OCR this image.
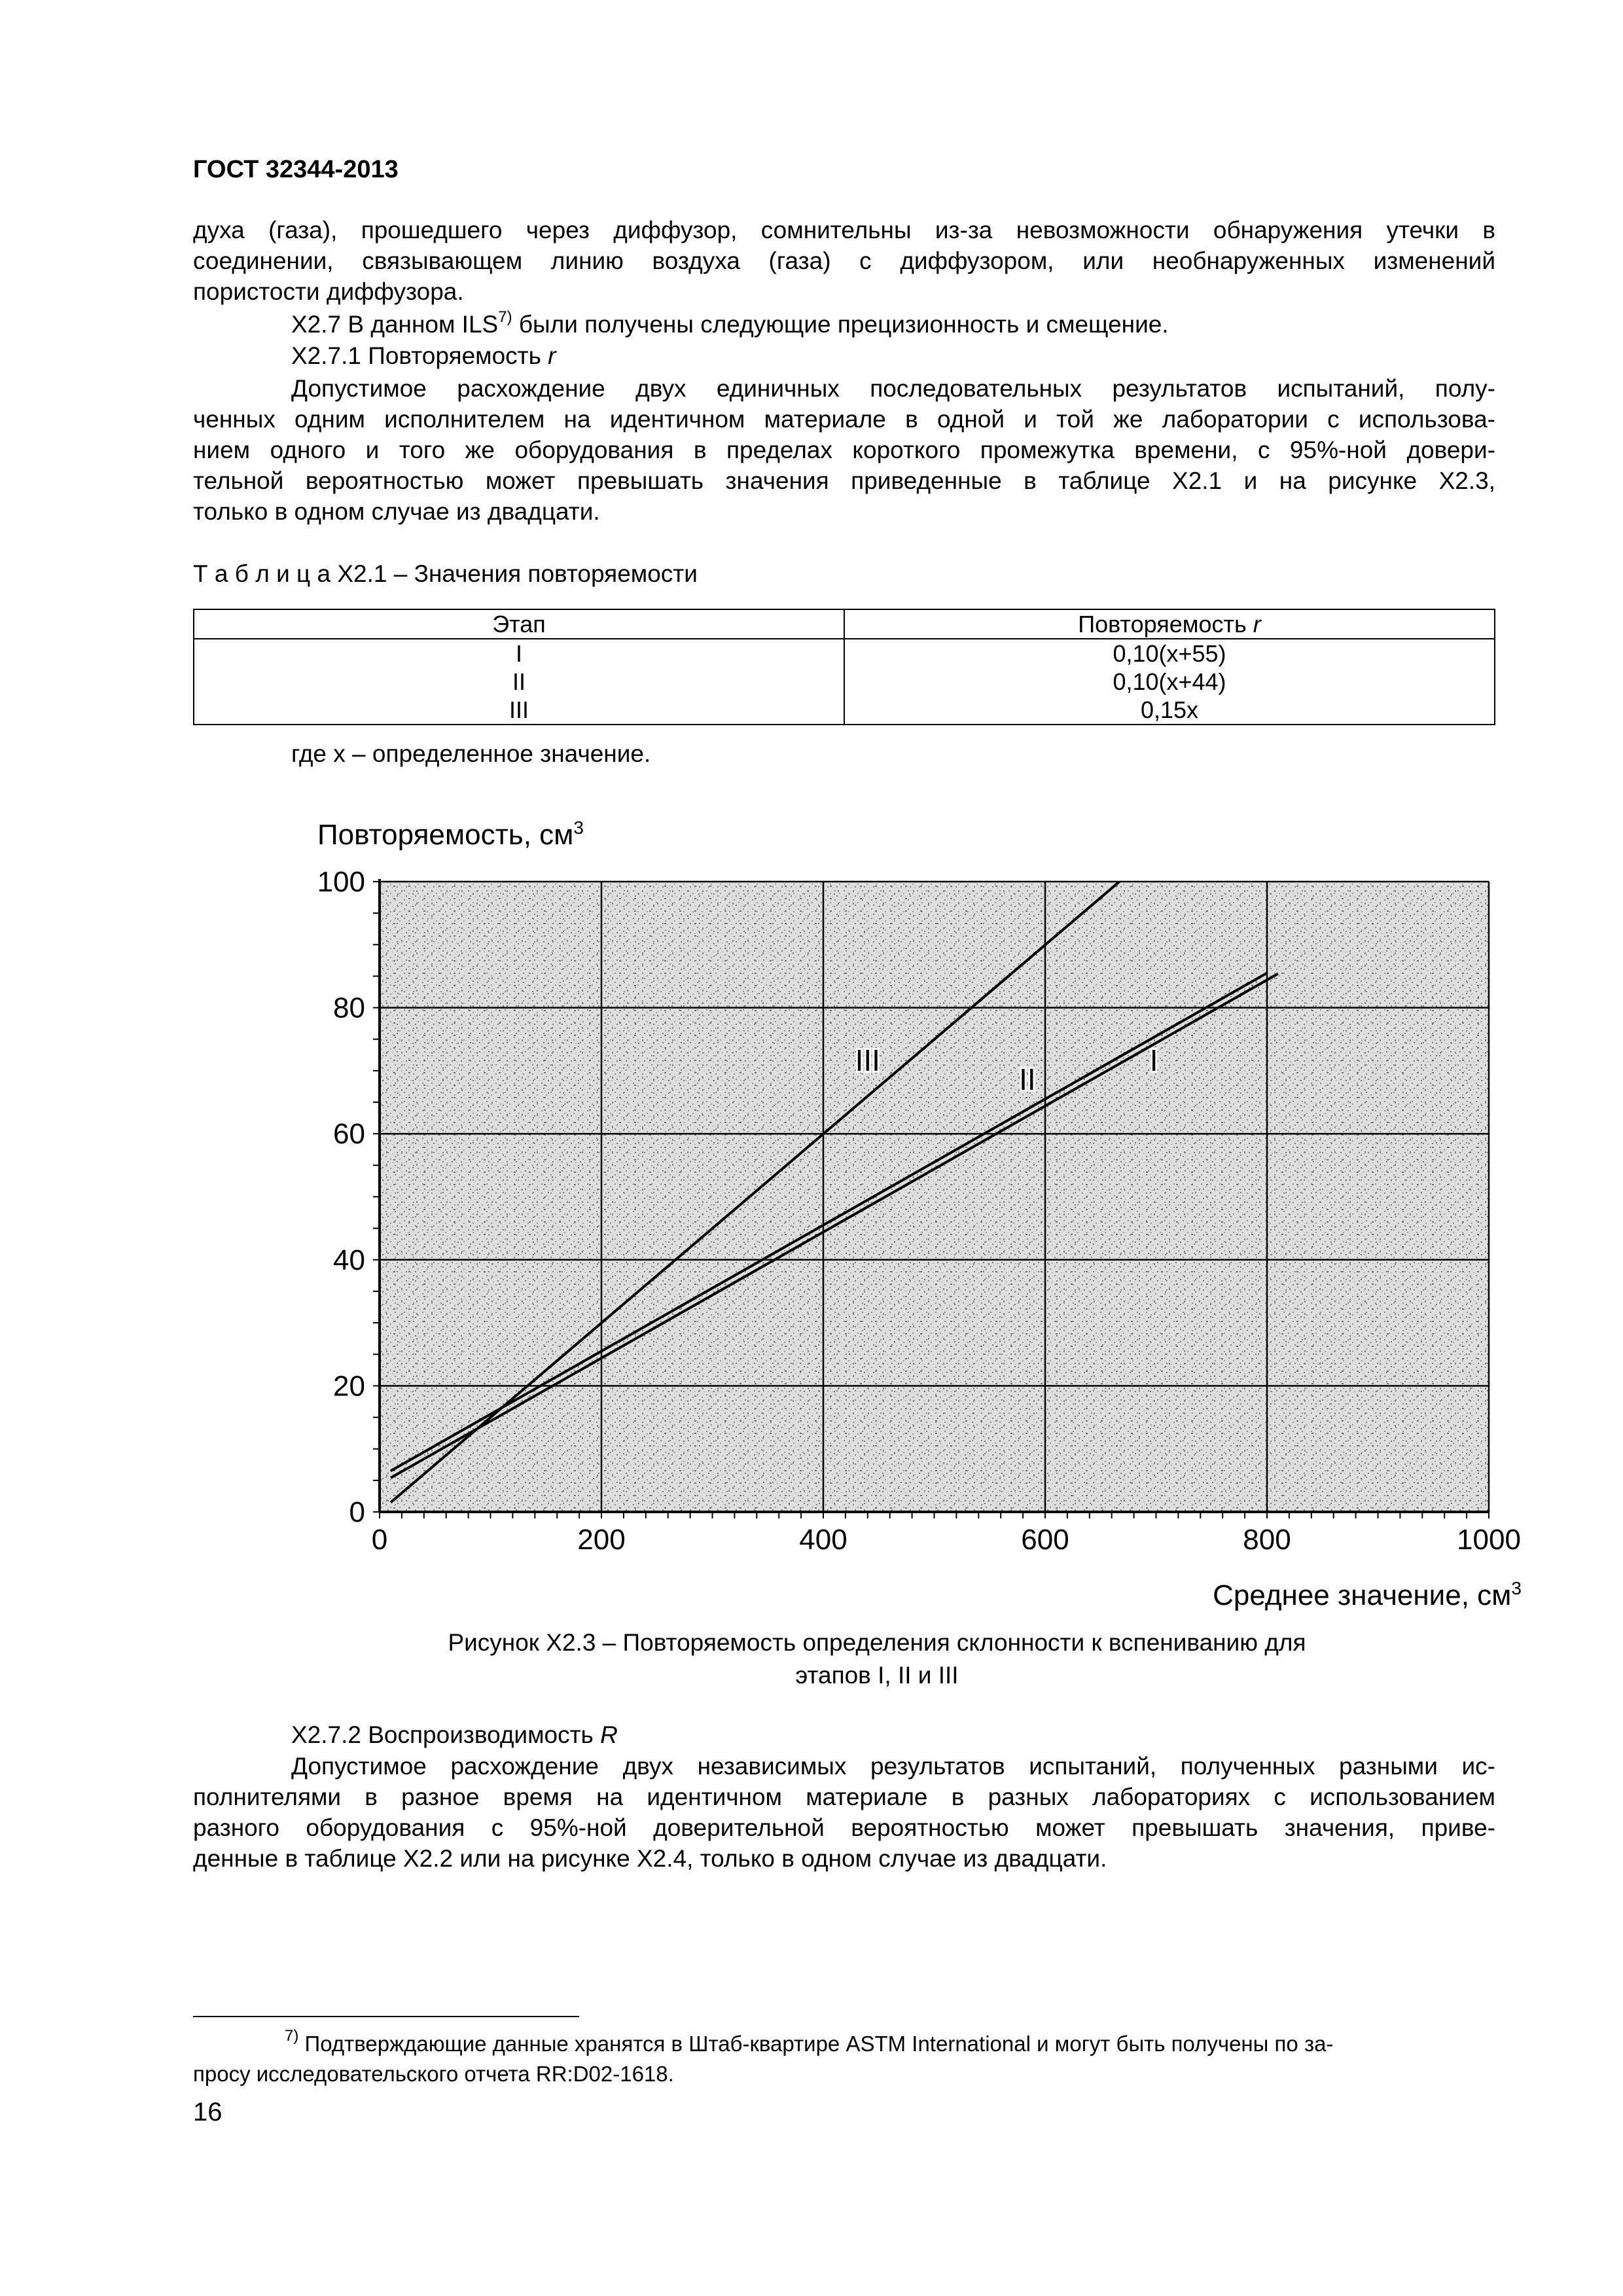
ГОСТ 32344-2013
духа (газа), прошедшего через диффузор, сомнительны из-за невозможности обнаружения утечки в
соединении, связывающем линию воздуха (газа) с диффузором, или необнаруженных изменений
пористости диффузора.
Х2.7 В данном ILS$^{7)}$ были получены следующие прецизионность и смещение.
Х2.7.1 Повторяемость r
Допустимое расхождение двух единичных последовательных результатов испытаний, полу-
ченных одним исполнителем на идентичном материале в одной и той же лаборатории с использова-
нием одного и того же оборудования в пределах короткого промежутка времени, с 95%-ной довери-
тельной вероятностью может превышать значения приведенные в таблице Х2.1 и на рисунке Х2.3,
только в одном случае из двадцати.
Т а б л и ц а Х2.1 – Значения повторяемости
Этап	Повторяемость r
I	0,10(x+55)
II	0,10(x+44)
III	0,15x
где x – определенное значение.
0	200	400	600	800	1000
0
20
40
60
80
100
I
II
III
Повторяемость, $см^3$
Среднее значение, $см^3$
Рисунок Х2.3 – Повторяемость определения склонности к вспениванию для
этапов I, II и III
Х2.7.2 Воспроизводимость R
Допустимое расхождение двух независимых результатов испытаний, полученных разными ис-
полнителями в разное время на идентичном материале в разных лабораториях с использованием
разного оборудования с 95%-ной доверительной вероятностью может превышать значения, приве-
денные в таблице Х2.2 или на рисунке Х2.4, только в одном случае из двадцати.
$^{7)}$ Подтверждающие данные хранятся в Штаб-квартире ASTM International и могут быть получены по за-
просу исследовательского отчета RR:D02-1618.
16
